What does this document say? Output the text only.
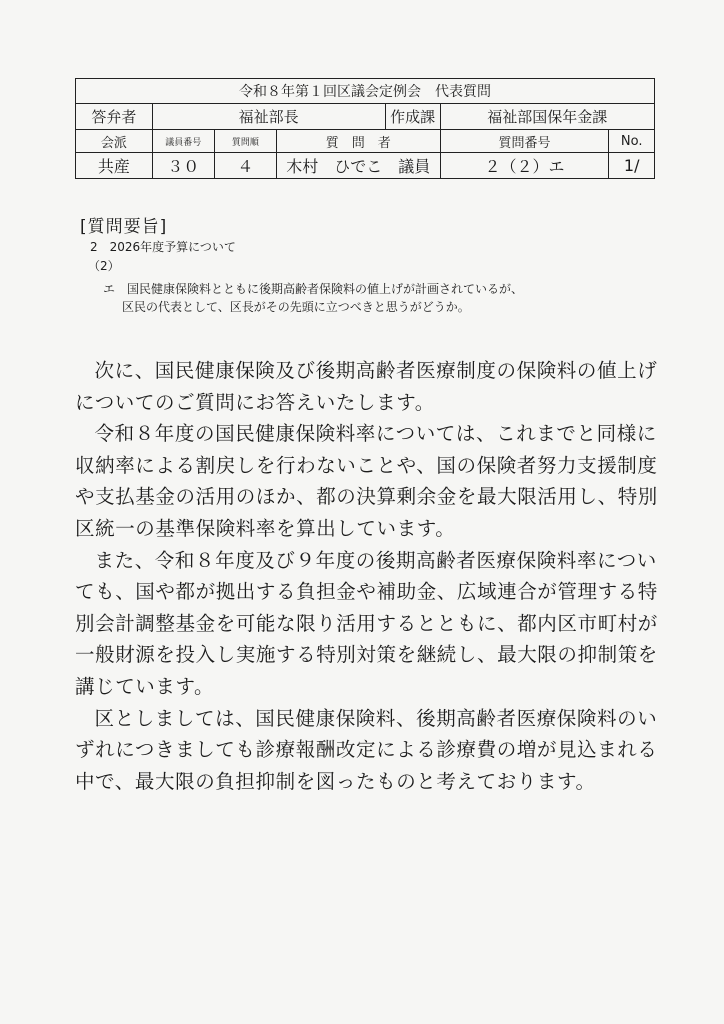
令和８年第１回区議会定例会　代表質問						
答弁者	福祉部長			作成課	福祉部国保年金課	
会派	議員番号	質問順	質　問　者		質問番号	No.
共産	３０	４	木村　ひでこ　議員		２（２）エ	1/
[質問要旨]
2　2026年度予算について
（2）
エ　国民健康保険料とともに後期高齢者保険料の値上げが計画されているが、
区民の代表として、区長がその先頭に立つべきと思うがどうか。

次に、国民健康保険及び後期高齢者医療制度の保険料の値上げについてのご質問にお答えいたします。

令和８年度の国民健康保険料率については、これまでと同様に収納率による割戻しを行わないことや、国の保険者努力支援制度や支払基金の活用のほか、都の決算剰余金を最大限活用し、特別区統一の基準保険料率を算出しています。

また、令和８年度及び９年度の後期高齢者医療保険料率についても、国や都が拠出する負担金や補助金、広域連合が管理する特別会計調整基金を可能な限り活用するとともに、都内区市町村が一般財源を投入し実施する特別対策を継続し、最大限の抑制策を講じています。

区としましては、国民健康保険料、後期高齢者医療保険料のいずれにつきましても診療報酬改定による診療費の増が見込まれる中で、最大限の負担抑制を図ったものと考えております。
